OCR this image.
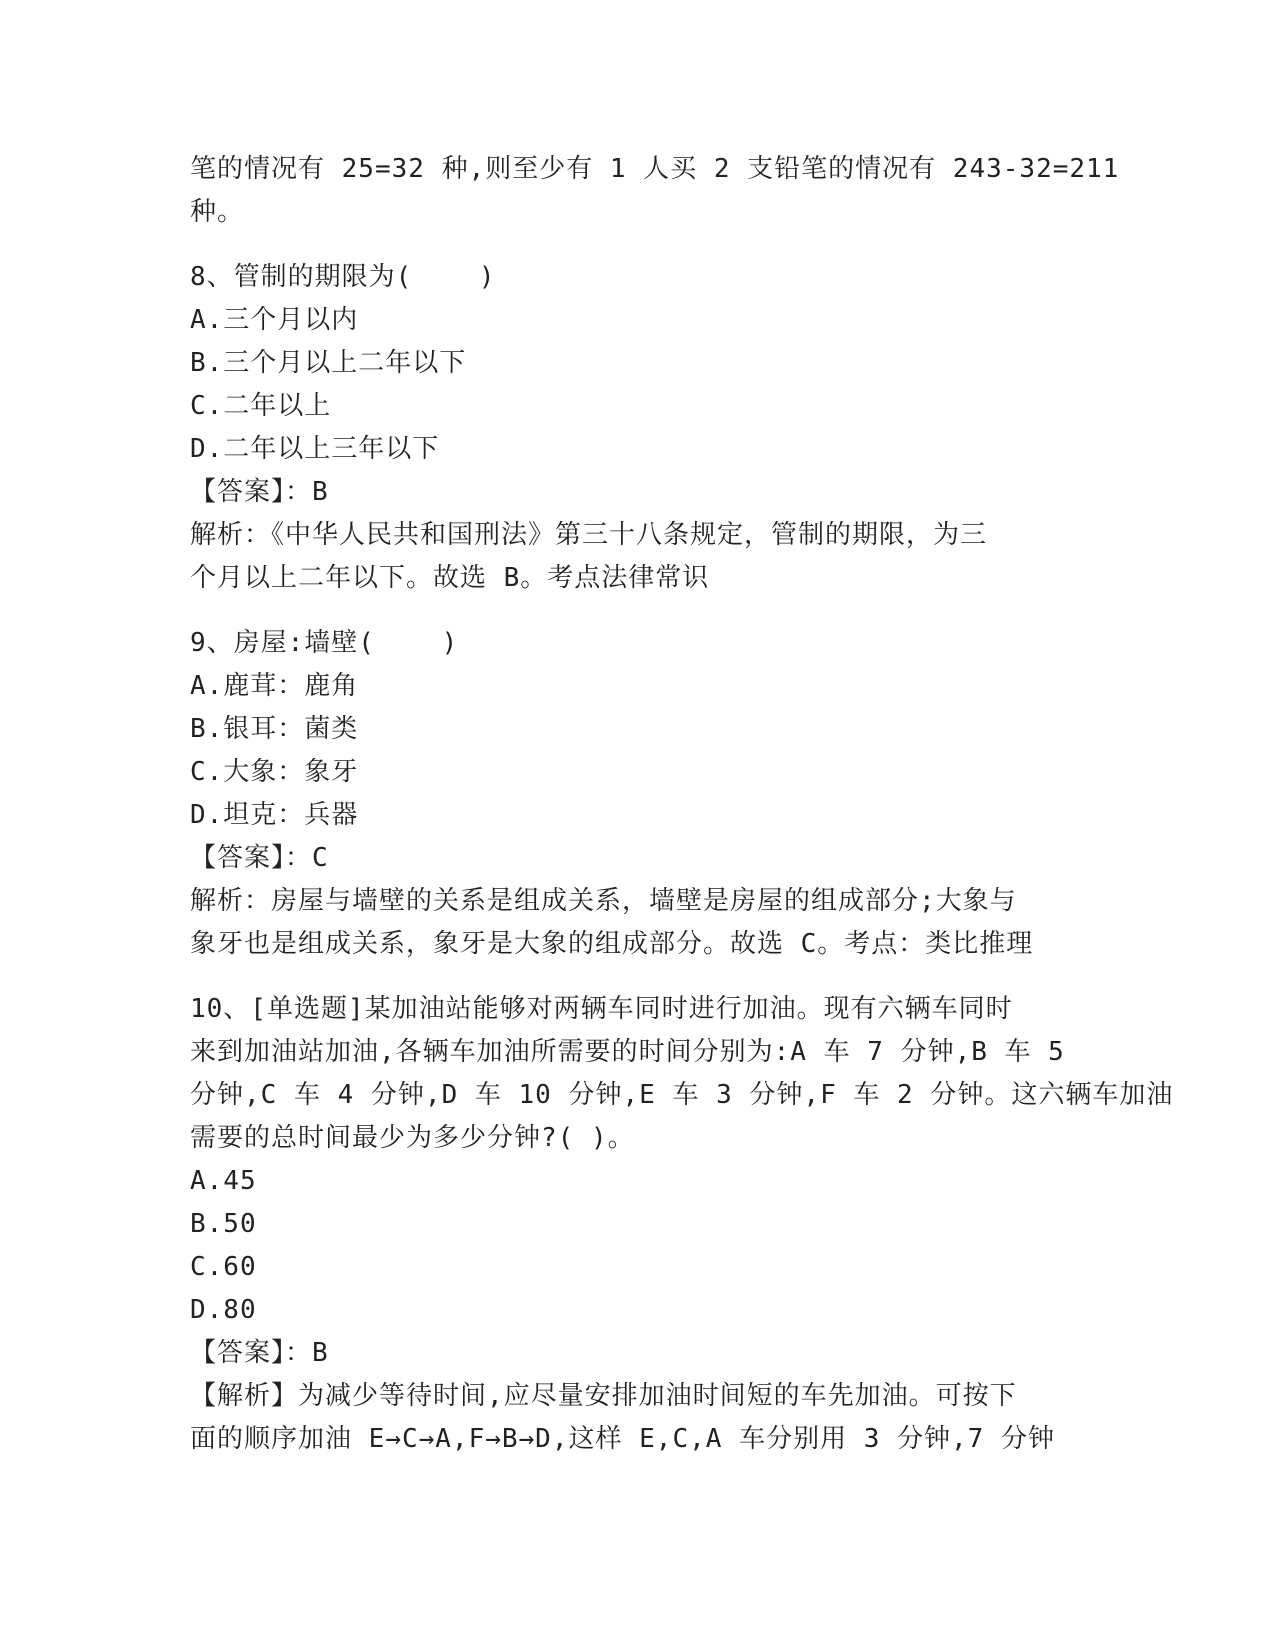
笔的情况有 25=32 种,则至少有 1 人买 2 支铅笔的情况有 243-32=211
种。
8、管制的期限为(    )
A.三个月以内
B.三个月以上二年以下
C.二年以上
D.二年以上三年以下
【答案】：B
解析：《中华人民共和国刑法》第三十八条规定，管制的期限，为三
个月以上二年以下。故选 B。考点法律常识
9、房屋:墙壁(    )
A.鹿茸：鹿角
B.银耳：菌类
C.大象：象牙
D.坦克：兵器
【答案】：C
解析：房屋与墙壁的关系是组成关系，墙壁是房屋的组成部分;大象与
象牙也是组成关系，象牙是大象的组成部分。故选 C。考点：类比推理
10、[单选题]某加油站能够对两辆车同时进行加油。现有六辆车同时
来到加油站加油,各辆车加油所需要的时间分别为:A 车 7 分钟,B 车 5
分钟,C 车 4 分钟,D 车 10 分钟,E 车 3 分钟,F 车 2 分钟。这六辆车加油
需要的总时间最少为多少分钟?( )。
A.45
B.50
C.60
D.80
【答案】：B
【解析】为减少等待时间,应尽量安排加油时间短的车先加油。可按下
面的顺序加油 E→C→A,F→B→D,这样 E,C,A 车分别用 3 分钟,7 分钟
